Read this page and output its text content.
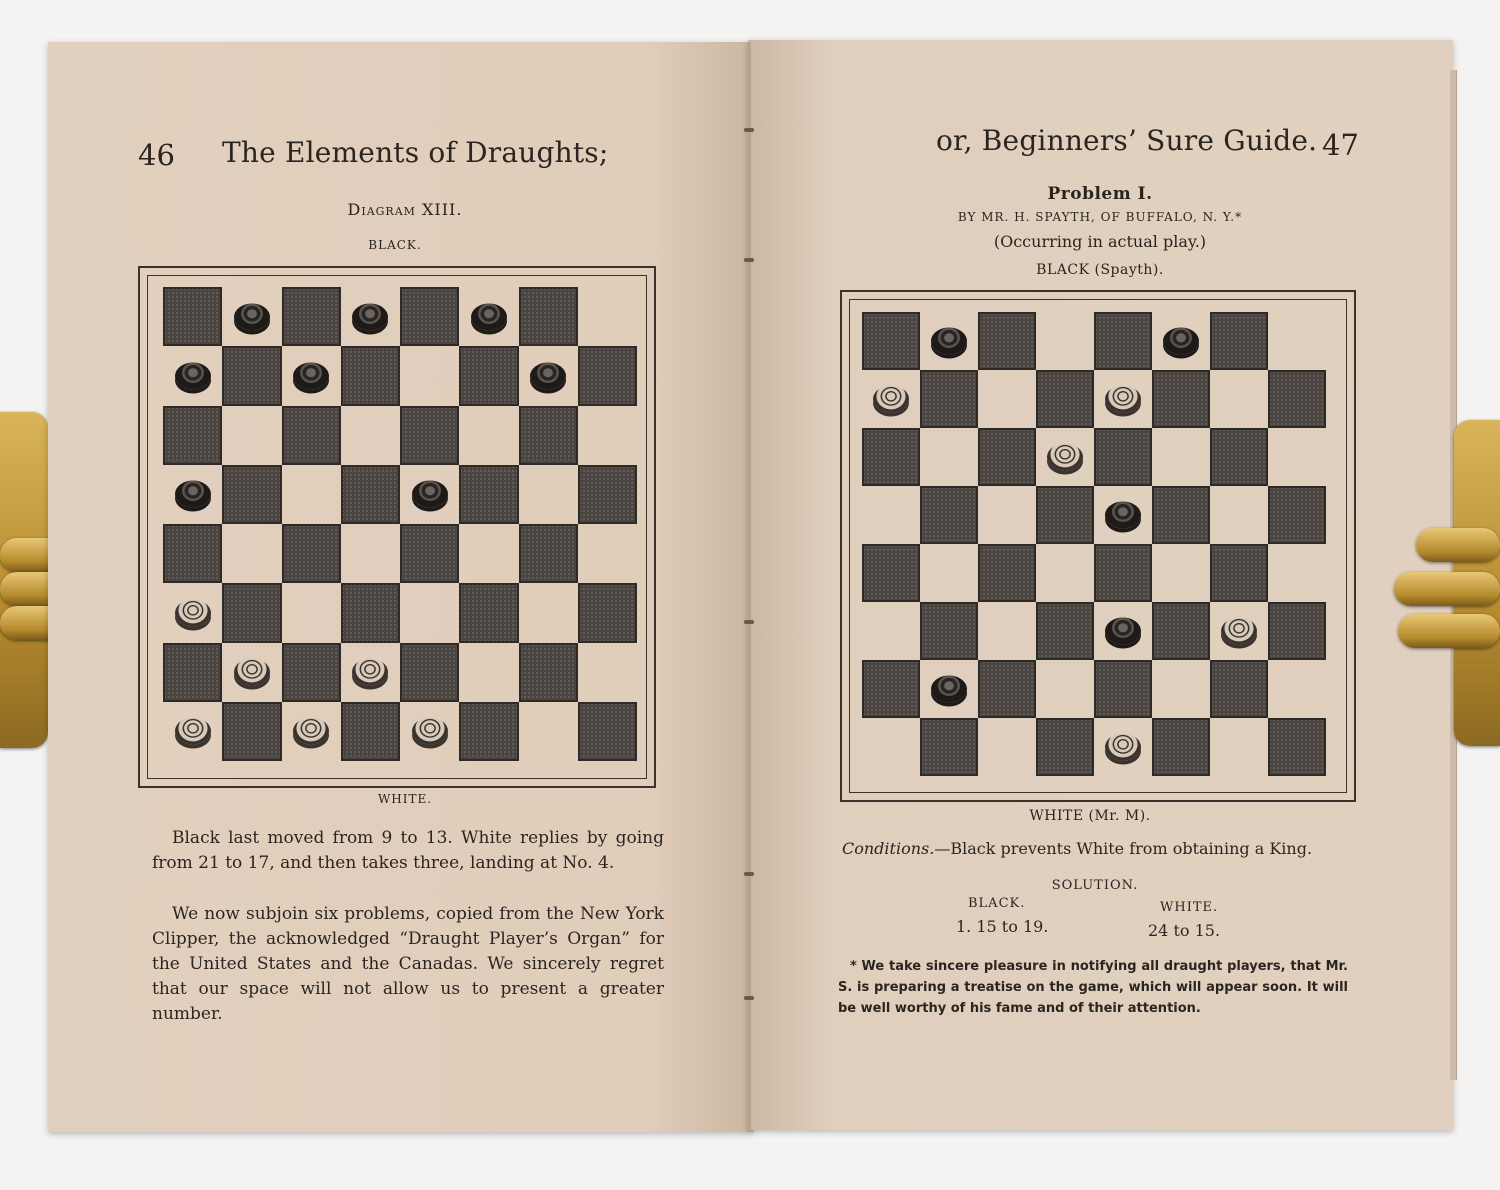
46 The Elements of Draughts;
Diagram XIII.
BLACK.
WHITE.
Black last moved from 9 to 13. White replies by going from 21 to 17, and then takes three, landing at No. 4.
We now subjoin six problems, copied from the New York Clipper, the acknowledged “Draught Player’s Organ” for the United States and the Canadas. We sincerely regret that our space will not allow us to present a greater number.
or, Beginners’ Sure Guide. 47
Problem I.
BY MR. H. SPAYTH, OF BUFFALO, N. Y.*
(Occurring in actual play.)
BLACK (Spayth).
WHITE (Mr. M).
Conditions.—Black prevents White from obtaining a King.
SOLUTION.
BLACK.	WHITE.
1. 15 to 19.	24 to 15.
* We take sincere pleasure in notifying all draught players, that Mr. S. is preparing a treatise on the game, which will appear soon. It will be well worthy of his fame and of their attention.
